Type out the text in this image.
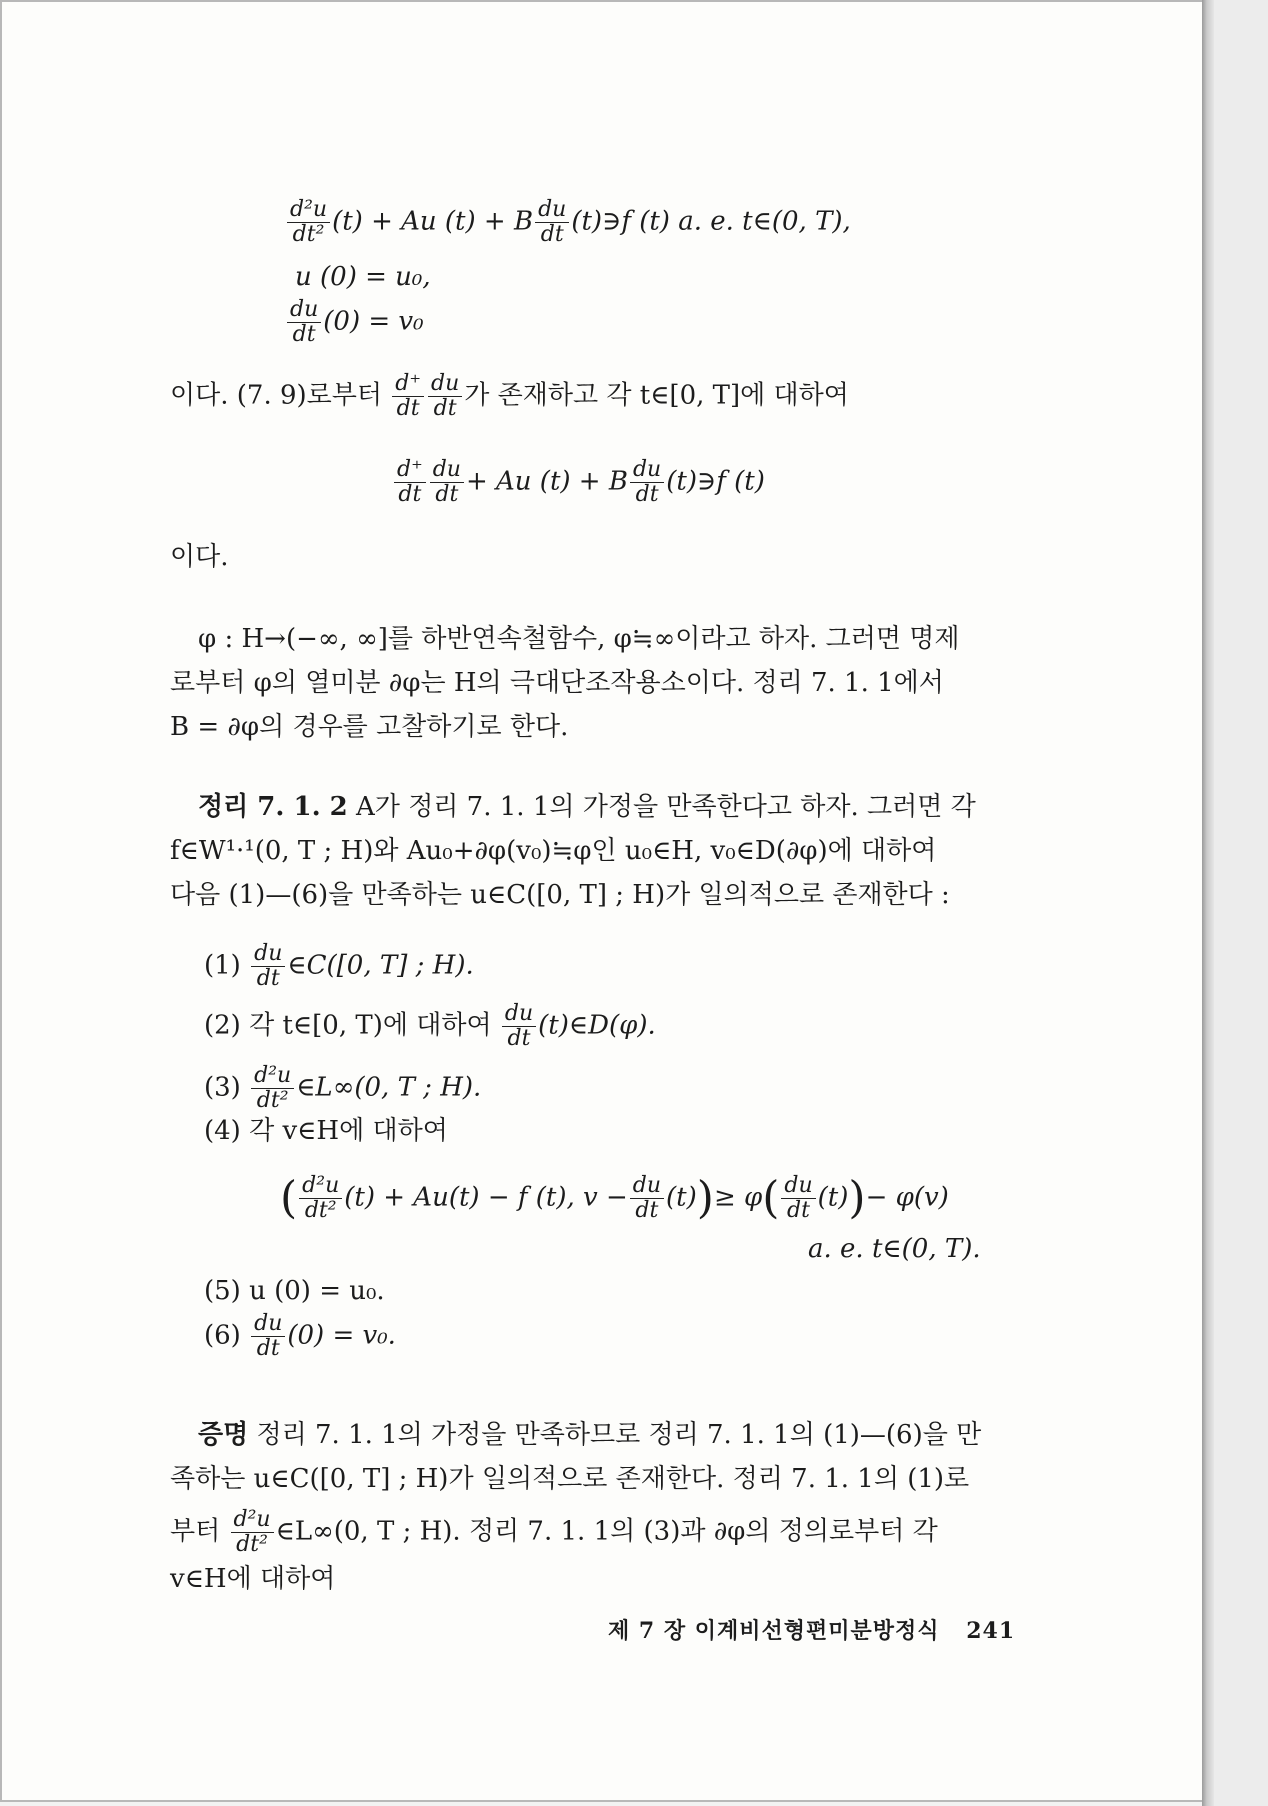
$\frac{\text{d²u}}{\text{dt²}} (t) + Au$ (t) + B $\frac{du}{dt}$ (t)∋f (t) a. e. t∈(0, T),
u (0) = u₀,
$\frac{du}{dt} (0) = v_0$
이다. (7. 9)로부터 $\frac{d^+}{dt} \frac{du}{dt}$ 가 존재하고 각 t∈[0, T]에 대하여
$\frac{d^+}{dt} \frac{du}{dt} + Au$ (t) + B $\frac{du}{dt}$ (t)∋f (t)
이다.
φ : H→(−∞, ∞]를 하반연속철함수, φ≒∞이라고 하자. 그러면 명제
로부터 φ의 열미분 ∂φ는 H의 극대단조작용소이다. 정리 7. 1. 1에서
B = ∂φ의 경우를 고찰하기로 한다.
정리 7. 1. 2 A가 정리 7. 1. 1의 가정을 만족한다고 하자. 그러면 각
f∈W¹·¹(0, T ; H)와 Au₀+∂φ(v₀)≒φ인 u₀∈H, v₀∈D(∂φ)에 대하여
다음 (1)—(6)을 만족하는 u∈C([0, T] ; H)가 일의적으로 존재한다 :
$(1) \frac{du}{dt}$ ∈C([0, T] ; H).
(2) 각 t∈[0, T)에 대하여 $\frac{du}{dt}$ (t)∈D(φ).
$(3) \frac{\text{d²u}}{\text{dt²}}$ ∈L∞(0, T ; H).
(4) 각 v∈H에 대하여
( $\frac{\text{d²u}}{\text{dt²}} (t) + Au(t) - f$ (t), $v - \frac{du}{dt} (t))\ge \varphi( \frac{du}{dt} (t))- \varphi(v)$
a. e. t∈(0, T).
(5) u (0) = u₀.
$(6) \frac{du}{dt} (0) = v_0$.
증명 정리 7. 1. 1의 가정을 만족하므로 정리 7. 1. 1의 (1)—(6)을 만
족하는 u∈C([0, T] ; H)가 일의적으로 존재한다. 정리 7. 1. 1의 (1)로
부터 $\frac{\text{d²u}}{\text{dt²}}$ ∈L∞(0, T ; H). 정리 7. 1. 1의 (3)과 ∂φ의 정의로부터 각
v∈H에 대하여
제 7 장 이계비선형편미분방정식 241
